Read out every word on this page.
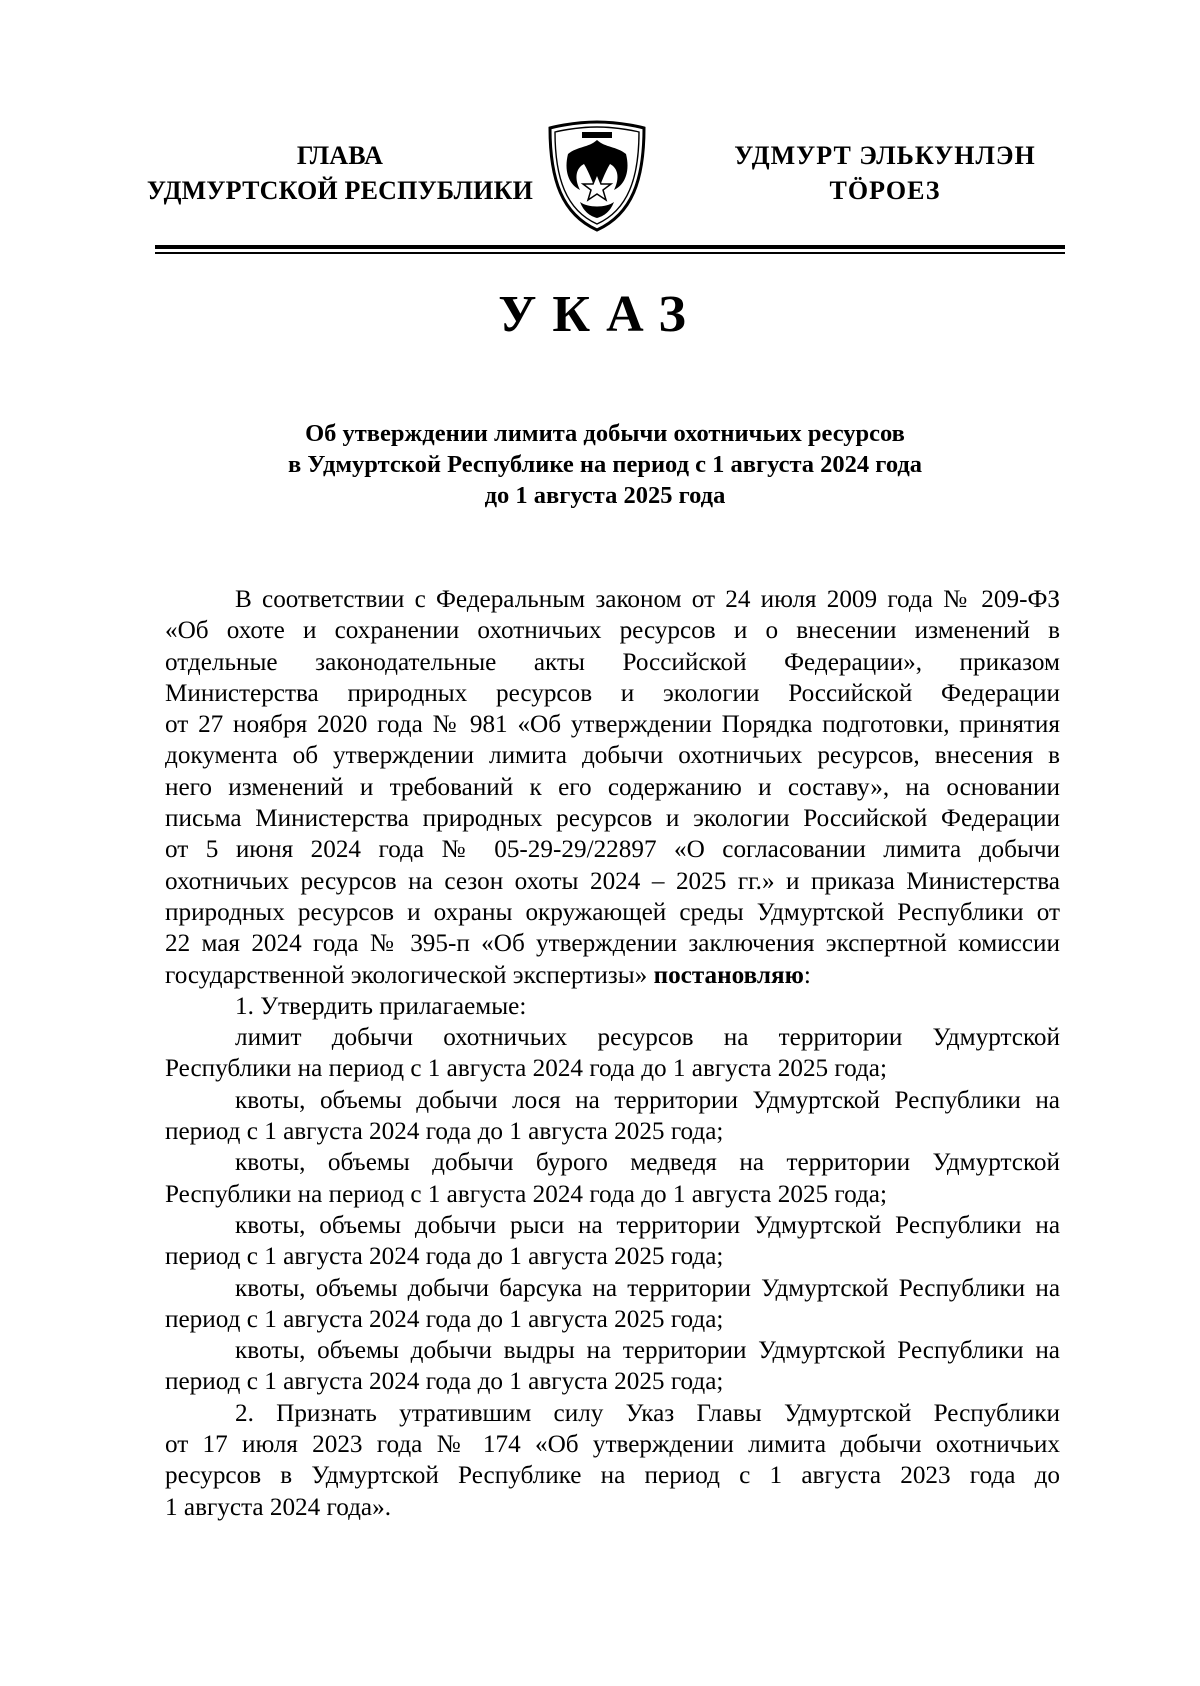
ГЛАВА
УДМУРТСКОЙ РЕСПУБЛИКИ
УДМУРТ ЭЛЬКУНЛЭН
ТӦРОЕЗ
УКАЗ
Об утверждении лимита добычи охотничьих ресурсов
в Удмуртской Республике на период с 1 августа 2024 года
до 1 августа 2025 года
В соответствии с Федеральным законом от 24 июля 2009 года № 209-ФЗ
«Об охоте и сохранении охотничьих ресурсов и о внесении изменений в
отдельные законодательные акты Российской Федерации», приказом
Министерства природных ресурсов и экологии Российской Федерации
от 27 ноября 2020 года № 981 «Об утверждении Порядка подготовки, принятия
документа об утверждении лимита добычи охотничьих ресурсов, внесения в
него изменений и требований к его содержанию и составу», на основании
письма Министерства природных ресурсов и экологии Российской Федерации
от 5 июня 2024 года № 05-29-29/22897 «О согласовании лимита добычи
охотничьих ресурсов на сезон охоты 2024 – 2025 гг.» и приказа Министерства
природных ресурсов и охраны окружающей среды Удмуртской Республики от
22 мая 2024 года № 395-п «Об утверждении заключения экспертной комиссии
государственной экологической экспертизы» постановляю:
1. Утвердить прилагаемые:
лимит добычи охотничьих ресурсов на территории Удмуртской
Республики на период с 1 августа 2024 года до 1 августа 2025 года;
квоты, объемы добычи лося на территории Удмуртской Республики на
период с 1 августа 2024 года до 1 августа 2025 года;
квоты, объемы добычи бурого медведя на территории Удмуртской
Республики на период с 1 августа 2024 года до 1 августа 2025 года;
квоты, объемы добычи рыси на территории Удмуртской Республики на
период с 1 августа 2024 года до 1 августа 2025 года;
квоты, объемы добычи барсука на территории Удмуртской Республики на
период с 1 августа 2024 года до 1 августа 2025 года;
квоты, объемы добычи выдры на территории Удмуртской Республики на
период с 1 августа 2024 года до 1 августа 2025 года;
2. Признать утратившим силу Указ Главы Удмуртской Республики
от 17 июля 2023 года № 174 «Об утверждении лимита добычи охотничьих
ресурсов в Удмуртской Республике на период с 1 августа 2023 года до
1 августа 2024 года».
